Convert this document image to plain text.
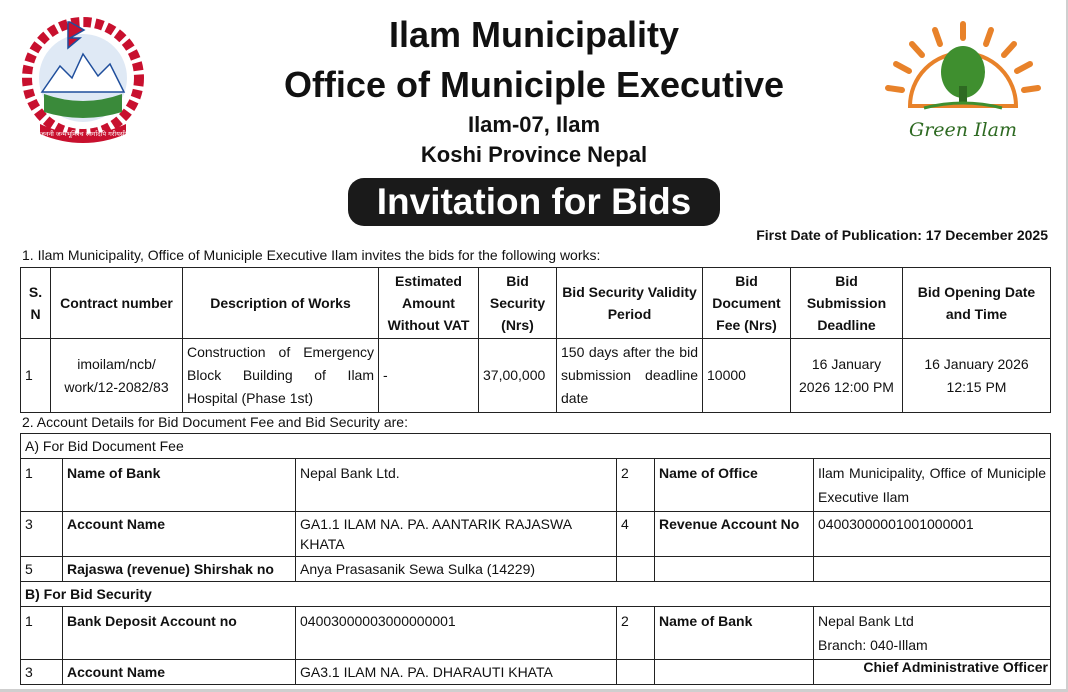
जननी जन्मभूमिश्च स्वर्गादपि गरीयसी
Ilam Municipality
Office of Municiple Executive
Ilam-07, Ilam
Koshi Province Nepal
Green Ilam
Invitation for Bids
First Date of Publication: 17 December 2025
1. Ilam Municipality, Office of Municiple Executive Ilam invites the bids for the following works:
S. N	Contract number	Description of Works	Estimated Amount Without VAT	Bid Security (Nrs)	Bid Security Validity Period	Bid Document Fee (Nrs)	Bid Submission Deadline	Bid Opening Date and Time
1	imoilam/ncb/ work/12-2082/83	Construction of Emergency Block Building of Ilam Hospital (Phase 1st)	-	37,00,000	150 days after the bid submission deadline date	10000	16 January 2026 12:00 PM	16 January 2026 12:15 PM
2. Account Details for Bid Document Fee and Bid Security are:
A) For Bid Document Fee					
1	Name of Bank	Nepal Bank Ltd.	2	Name of Office	Ilam Municipality, Office of Municiple Executive Ilam
3	Account Name	GA1.1 ILAM NA. PA. AANTARIK RAJASWA KHATA	4	Revenue Account No	04003000001001000001
5	Rajaswa (revenue) Shirshak no	Anya Prasasanik Sewa Sulka (14229)			
B) For Bid Security					
1	Bank Deposit Account no	04003000003000000001	2	Name of Bank	Nepal Bank Ltd
Branch: 040-Illam
3	Account Name	GA3.1 ILAM NA. PA. DHARAUTI KHATA				Chief Administrative Officer
